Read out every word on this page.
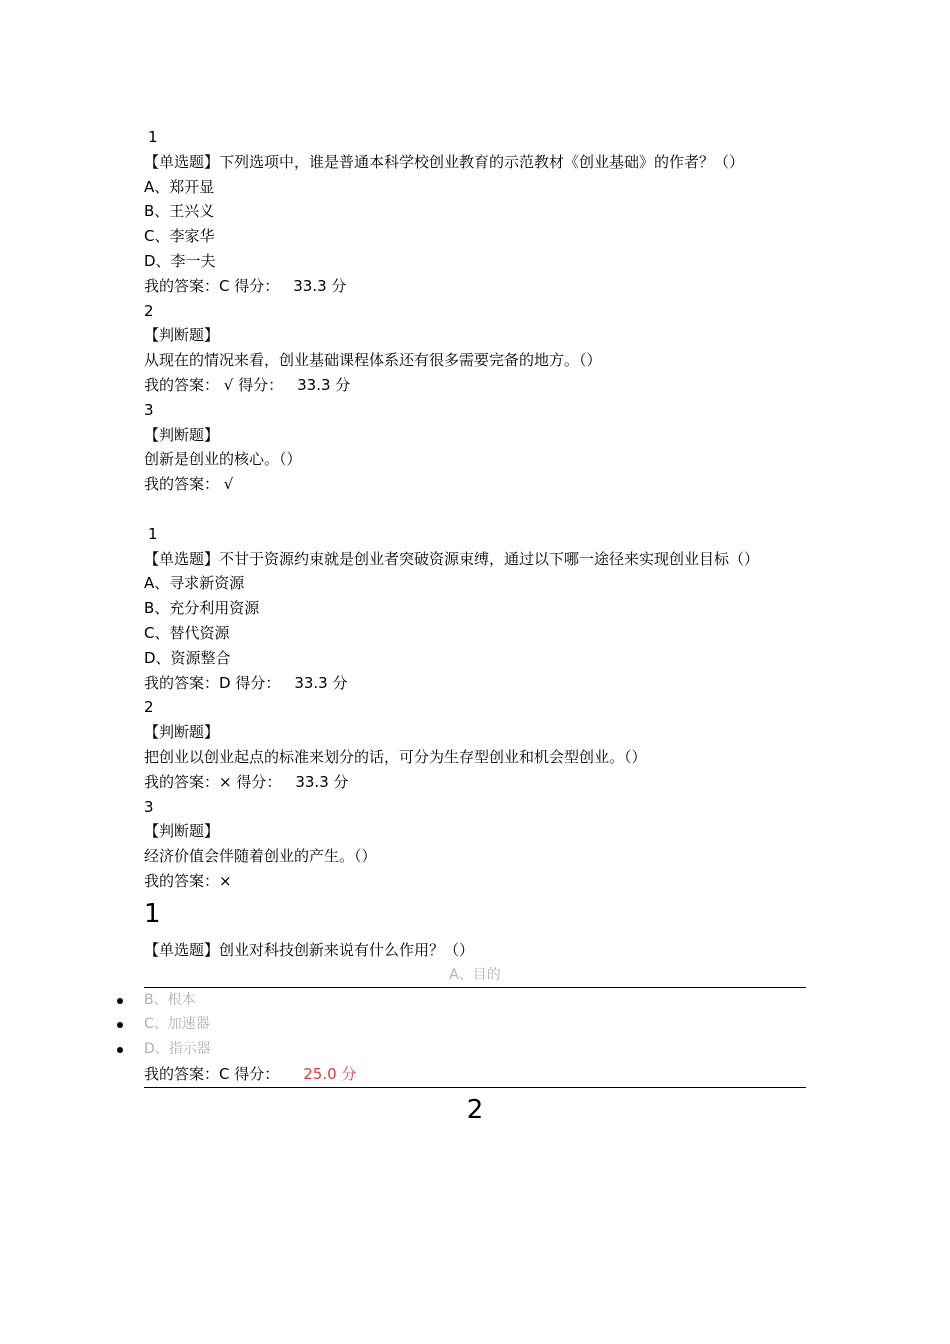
1
【单选题】下列选项中，谁是普通本科学校创业教育的示范教材《创业基础》的作者？（）
A、郑开显
B、王兴义
C、李家华
D、李一夫
我的答案：C 得分： 33.3 分
2
【判断题】
从现在的情况来看，创业基础课程体系还有很多需要完备的地方。（）
我的答案： √ 得分： 33.3 分
3
【判断题】
创新是创业的核心。（）
我的答案： √
1
【单选题】不甘于资源约束就是创业者突破资源束缚，通过以下哪一途径来实现创业目标（）
A、寻求新资源
B、充分利用资源
C、替代资源
D、资源整合
我的答案：D 得分： 33.3 分
2
【判断题】
把创业以创业起点的标准来划分的话，可分为生存型创业和机会型创业。（）
我的答案：× 得分： 33.3 分
3
【判断题】
经济价值会伴随着创业的产生。（）
我的答案：×
1
【单选题】创业对科技创新来说有什么作用？（）
A、目的
B、根本
C、加速器
D、指示器
我的答案：C 得分： 25.0 分
2
